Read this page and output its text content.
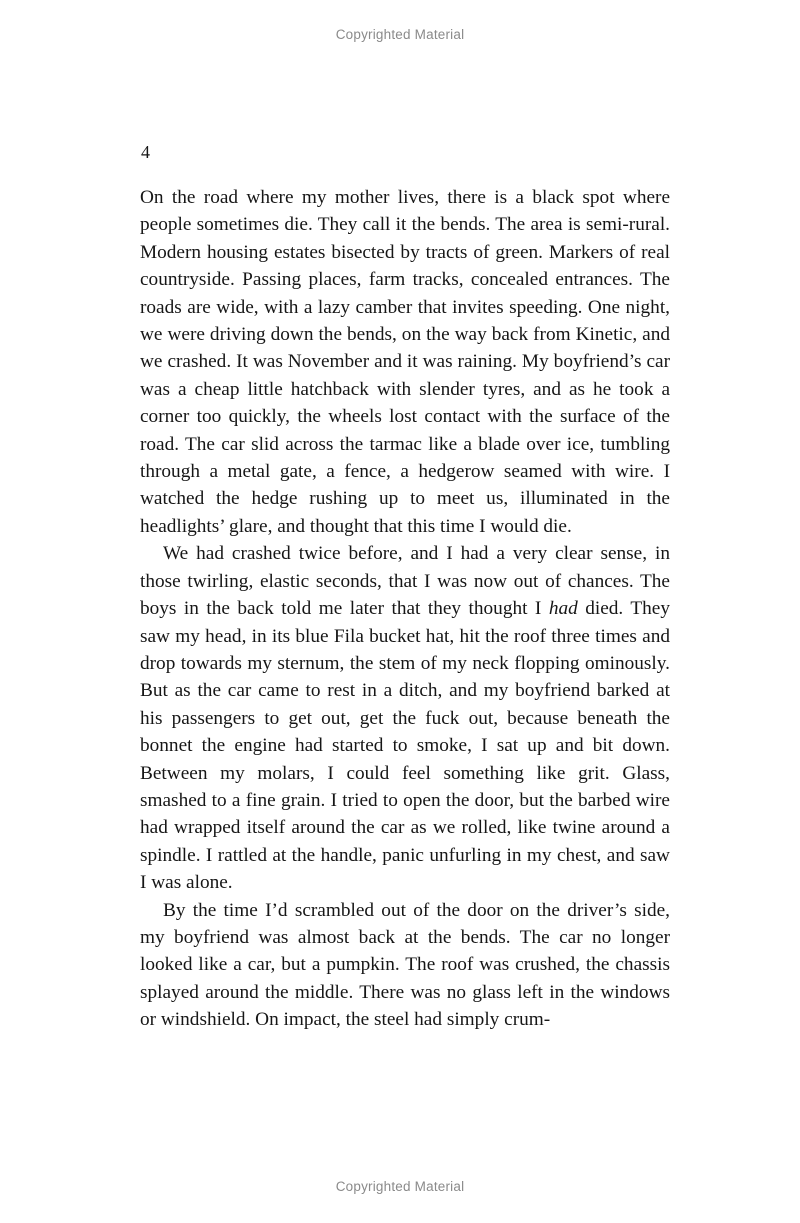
Copyrighted Material
4

On the road where my mother lives, there is a black spot where people sometimes die. They call it the bends. The area is semi-rural. Modern housing estates bisected by tracts of green. Markers of real countryside. Passing places, farm tracks, concealed entrances. The roads are wide, with a lazy camber that invites speeding. One night, we were driving down the bends, on the way back from Kinetic, and we crashed. It was November and it was raining. My boyfriend’s car was a cheap little hatchback with slender tyres, and as he took a corner too quickly, the wheels lost contact with the surface of the road. The car slid across the tarmac like a blade over ice, tumbling through a metal gate, a fence, a hedgerow seamed with wire. I watched the hedge rushing up to meet us, illuminated in the headlights’ glare, and thought that this time I would die.

We had crashed twice before, and I had a very clear sense, in those twirling, elastic seconds, that I was now out of chances. The boys in the back told me later that they thought I had died. They saw my head, in its blue Fila bucket hat, hit the roof three times and drop towards my sternum, the stem of my neck flopping ominously. But as the car came to rest in a ditch, and my boyfriend barked at his passengers to get out, get the fuck out, because beneath the bonnet the engine had started to smoke, I sat up and bit down. Between my molars, I could feel something like grit. Glass, smashed to a fine grain. I tried to open the door, but the barbed wire had wrapped itself around the car as we rolled, like twine around a spindle. I rattled at the handle, panic unfurling in my chest, and saw I was alone.

By the time I’d scrambled out of the door on the driver’s side, my boyfriend was almost back at the bends. The car no longer looked like a car, but a pumpkin. The roof was crushed, the chassis splayed around the middle. There was no glass left in the windows or windshield. On impact, the steel had simply crum-

Copyrighted Material
